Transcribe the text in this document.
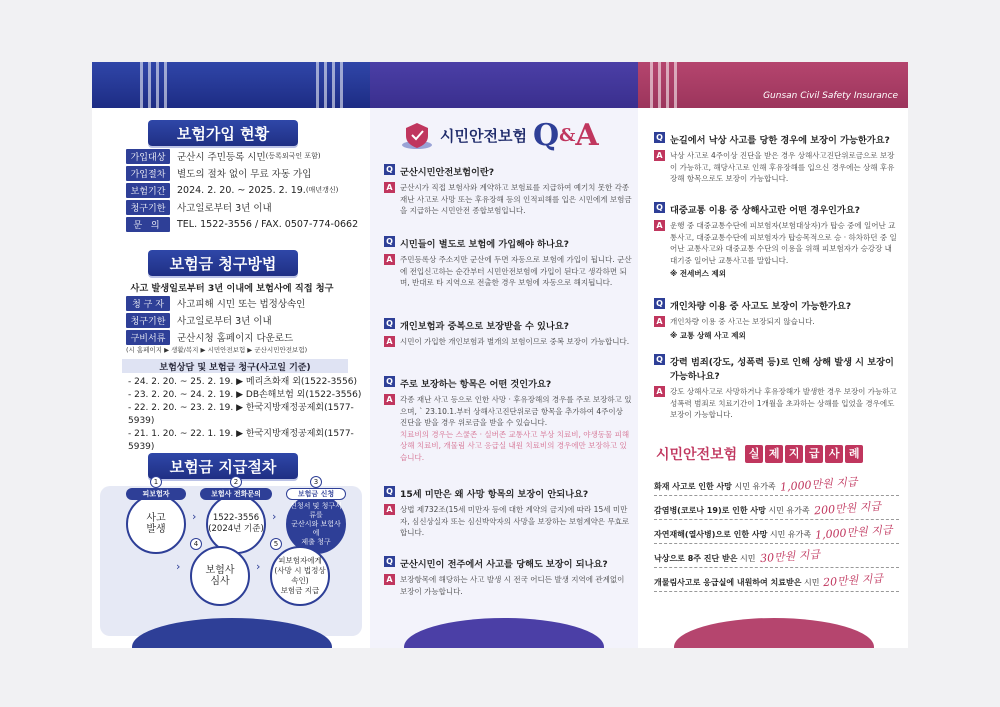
보험가입 현황
가입대상	군산시 주민등록 시민 (등록외국인 포함)
가입절차	별도의 절차 없이 무료 자동 가입
보험기간	2024. 2. 20. ~ 2025. 2. 19. (매년갱신)
청구기한	사고일로부터 3년 이내
문 의	TEL. 1522-3556 / FAX. 0507-774-0662
보험금 청구방법
사고 발생일로부터 3년 이내에 보험사에 직접 청구
청 구 자	사고피해 시민 또는 법정상속인
청구기한	사고일로부터 3년 이내
구비서류	군산시청 홈페이지 다운로드
(시 홈페이지 ▶ 생활/복지 ▶ 시민안전보험 ▶ 군산시민안전보험)
보험상담 및 보험금 청구(사고일 기준)
- 24. 2. 20. ~ 25. 2. 19. ▶ 메리츠화재 외(1522-3556)
- 23. 2. 20. ~ 24. 2. 19. ▶ DB손해보험 외(1522-3556)
- 22. 2. 20. ~ 23. 2. 19. ▶ 한국지방재정공제회(1577-5939)
- 21. 1. 20. ~ 22. 1. 19. ▶ 한국지방재정공제회(1577-5939)
보험금 지급절차
사고
발생
피보험자
1
›	1522-3556
(2024년 기준)
보험사 전화문의
2
›
신청서 및 청구서류를
군산시와 보험사에
제출 청구
보험금 신청
3
›	보험사
심사
4
›	피보험자에게
(사망 시 법정상속인)
보험금 지급
5
시민안전보험 Q & A
Q 군산시민안전보험이란?
A 군산시가 직접 보험사와 계약하고 보험료를 지급하여 예기치 못한 각종 재난 사고로 사망 또는 후유장해 등의 인적피해를 입은 시민에게 보험금을 지급하는 시민안전 종합보험입니다.
Q 시민들이 별도로 보험에 가입해야 하나요?
A 주민등록상 주소지만 군산에 두면 자동으로 보험에 가입이 됩니다. 군산에 전입신고하는 순간부터 시민안전보험에 가입이 된다고 생각하면 되며, 반대로 타 지역으로 전출한 경우 보험에 자동으로 해지됩니다.
Q 개인보험과 중복으로 보장받을 수 있나요?
A 시민이 가입한 개인보험과 별개의 보험이므로 중복 보장이 가능합니다.
Q 주로 보장하는 항목은 어떤 것인가요?
A 각종 재난 사고 등으로 인한 사망 · 후유장해의 경우를 주로 보장하고 있으며, ` 23.10.1.부터 상해사고진단위로금 항목을 추가하여 4주이상 진단을 받을 경우 위로금을 받을 수 있습니다.
치료비의 경우는 스쿨존 · 실버존 교통사고 부상 치료비, 야생동물 피해 상해 치료비, 개물림 사고 응급실 내원 치료비의 경우에만 보장하고 있습니다.
Q 15세 미만은 왜 사망 항목의 보장이 안되나요?
A 상법 제732조(15세 미만자 등에 대한 계약의 금지)에 따라 15세 미만자, 심신상실자 또는 심신박약자의 사망을 보장하는 보험계약은 무효로 합니다.
Q 군산시민이 전주에서 사고를 당해도 보장이 되나요?
A 보장항목에 해당하는 사고 발생 시 전국 어디든 발생 지역에 관계없이 보장이 가능합니다.
Gunsan Civil Safety Insurance
Q 눈길에서 낙상 사고를 당한 경우에 보장이 가능한가요?
A 낙상 사고로 4주이상 진단을 받은 경우 상해사고진단위로금으로 보장이 가능하고, 해당사고로 인해 후유장해를 입으신 경우에는 상해 후유장해 항목으로도 보장이 가능합니다.
Q 대중교통 이용 중 상해사고란 어떤 경우인가요?
A 운행 중 대중교통수단에 피보험자(보험대상자)가 탑승 중에 일어난 교통사고, 대중교통수단에 피보험자가 탑승목적으로 승 · 하차하던 중 일어난 교통사고와 대중교통 수단의 이용을 위해 피보험자가 승강장 내 대기중 일어난 교통사고를 말합니다.
※ 전세버스 제외
Q 개인차량 이용 중 사고도 보장이 가능한가요?
A 개인차량 이용 중 사고는 보장되지 않습니다.
※ 교통 상해 사고 제외
Q 강력 범죄(강도, 성폭력 등)로 인해 상해 발생 시 보장이 가능하나요?
A 강도 상해사고로 사망하거나 후유장해가 발생한 경우 보장이 가능하고 성폭력 범죄로 치료기간이 1개월을 초과하는 상해를 입었을 경우에도 보장이 가능합니다.
시민안전보험	실 제 지 급 사 례
화재 사고로 인한 사망
시민 유가족 1,000만원 지급
감염병(코로나 19)로 인한 사망
시민 유가족 200만원 지급
자연재해(열사병)으로 인한 사망
시민 유가족 1,000만원 지급
낙상으로 8주 진단 받은
시민 30만원 지급
개물림사고로 응급실에 내원하여 치료받은
시민 20만원 지급
